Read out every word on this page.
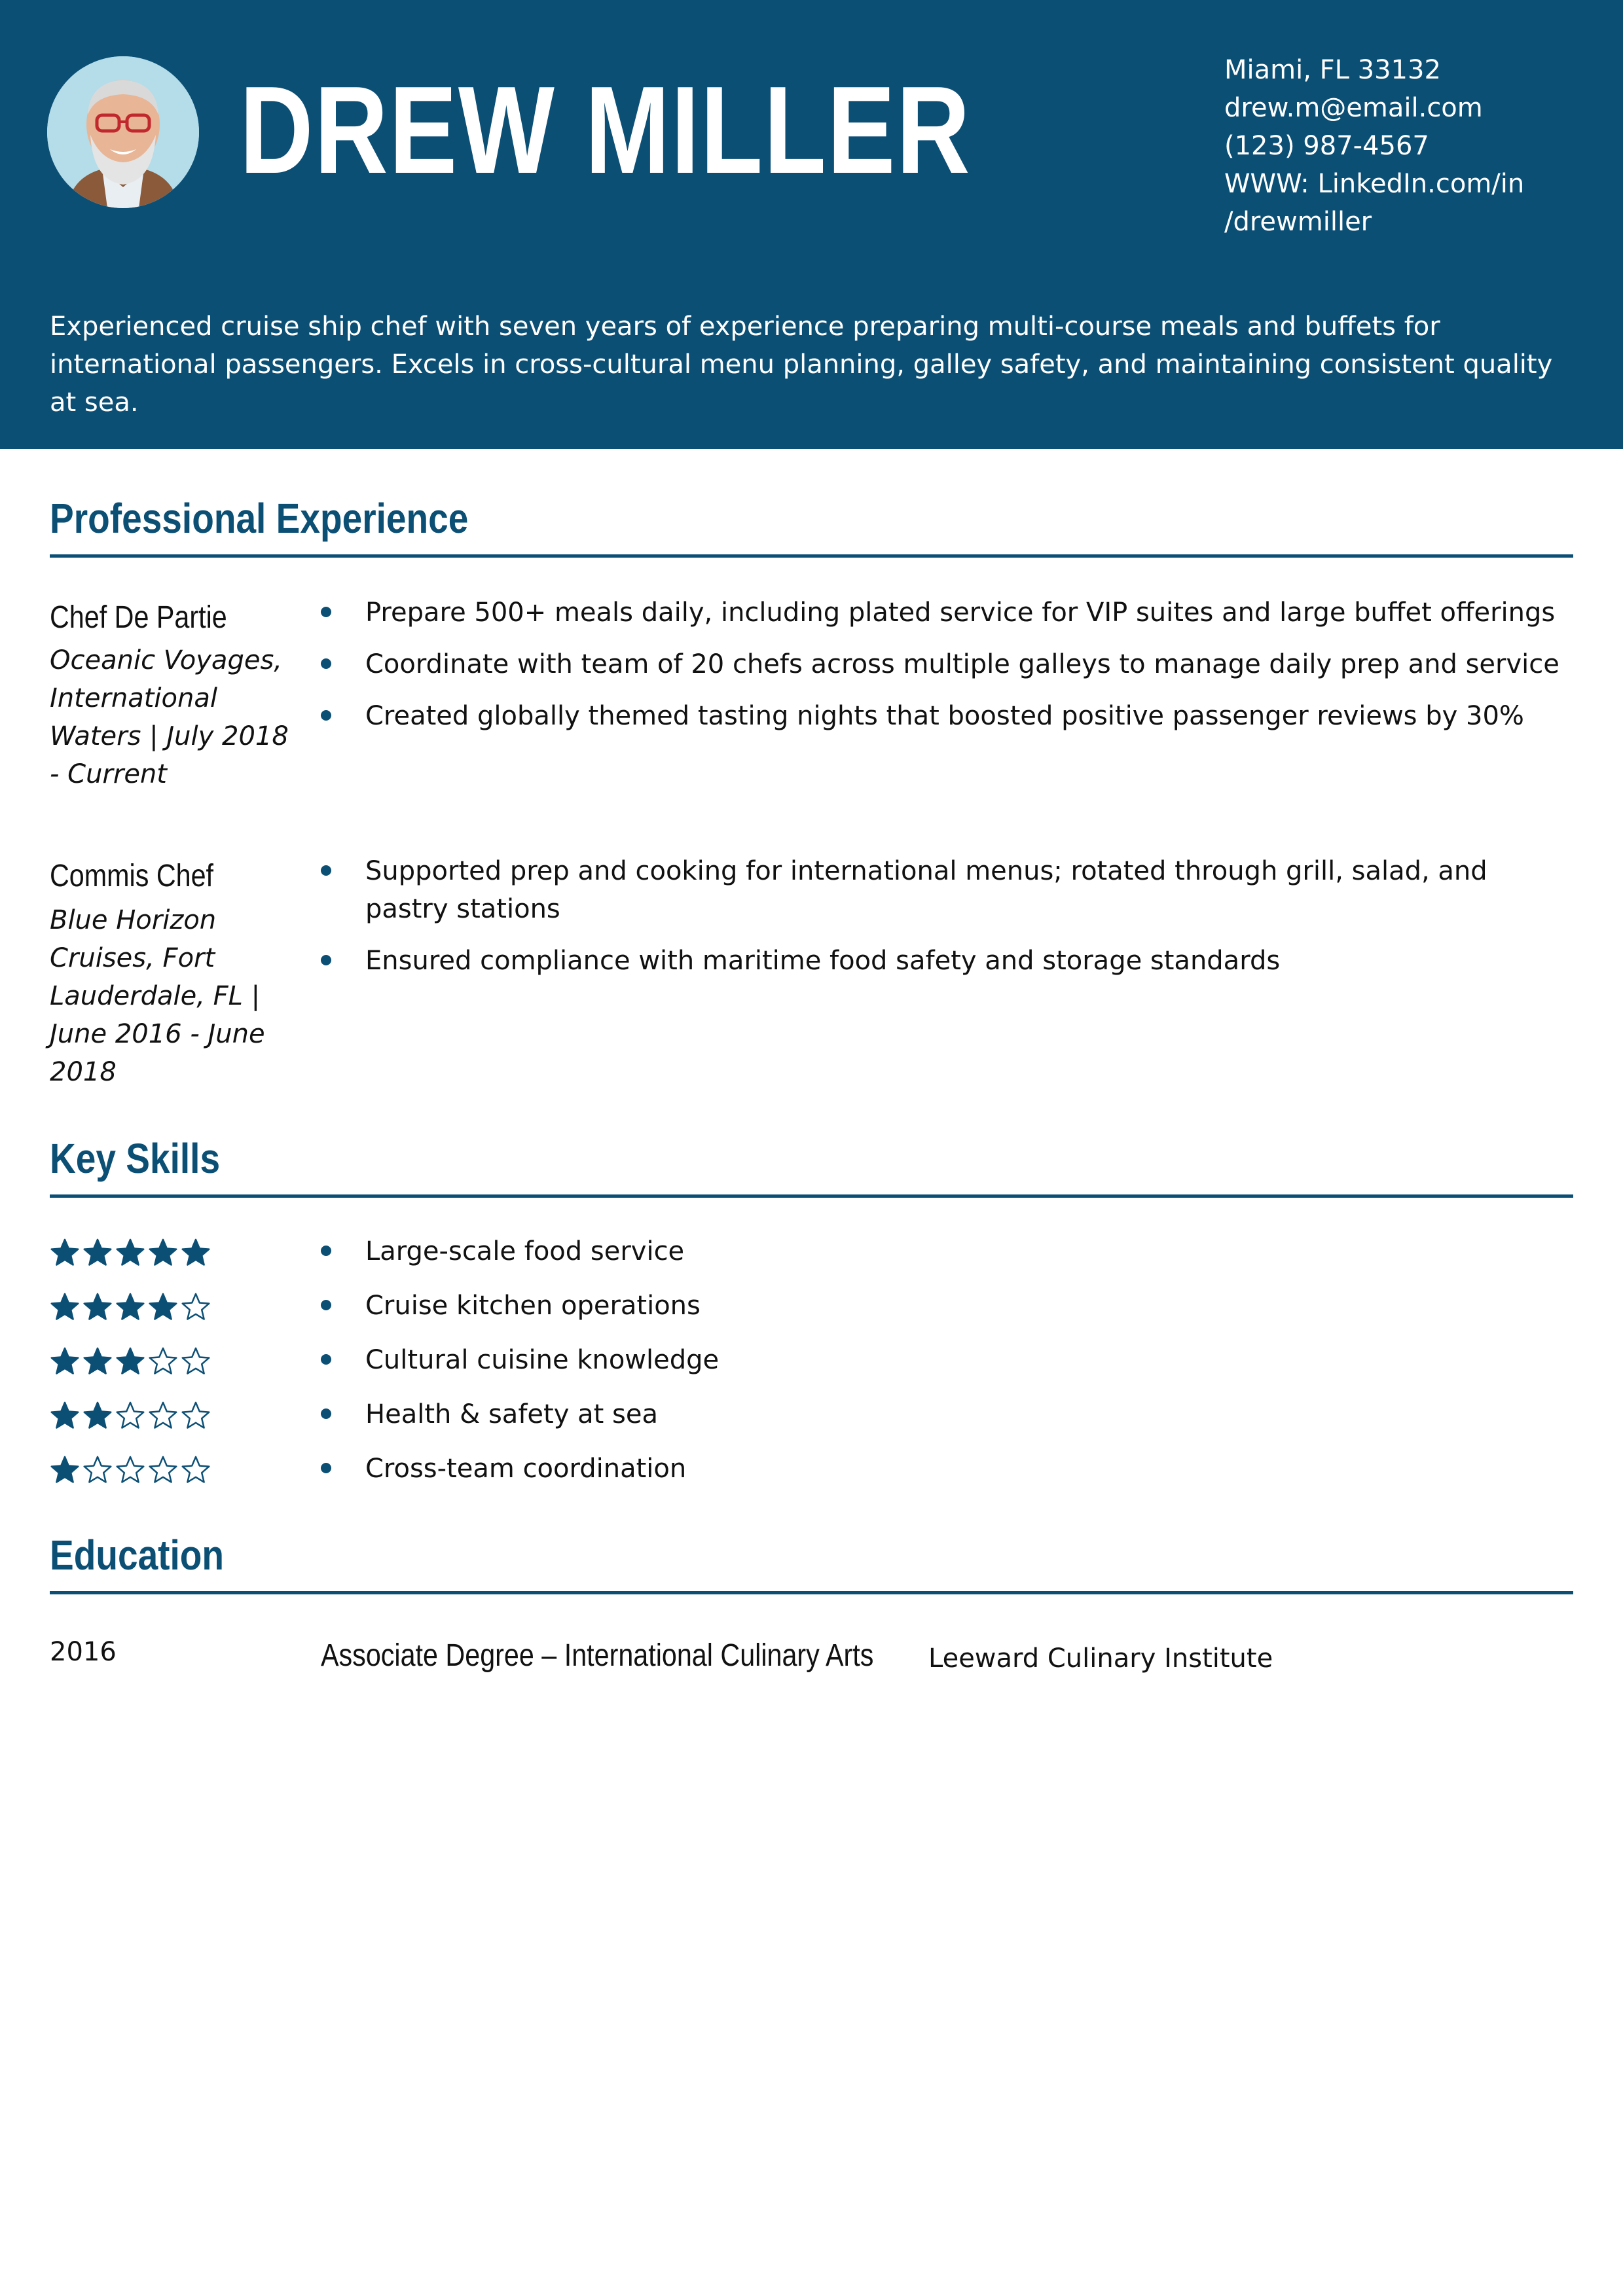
DREW MILLER	Miami, FL 33132
drew.m@email.com
(123) 987-4567
WWW: LinkedIn.com/in
/drewmiller

Experienced cruise ship chef with seven years of experience preparing multi-course meals and buffets for international passengers. Excels in cross-cultural menu planning, galley safety, and maintaining consistent quality at sea.

Professional Experience
Chef De Partie
Oceanic Voyages, International Waters | July 2018 - Current
Prepare 500+ meals daily, including plated service for VIP suites and large buffet offerings
Coordinate with team of 20 chefs across multiple galleys to manage daily prep and service
Created globally themed tasting nights that boosted positive passenger reviews by 30%
Commis Chef
Blue Horizon Cruises, Fort Lauderdale, FL | June 2016 - June 2018
Supported prep and cooking for international menus; rotated through grill, salad, and pastry stations
Ensured compliance with maritime food safety and storage standards
Key Skills
Large-scale food service
Cruise kitchen operations
Cultural cuisine knowledge
Health & safety at sea
Cross-team coordination
Education
2016	Associate Degree – International Culinary Arts Leeward Culinary Institute
